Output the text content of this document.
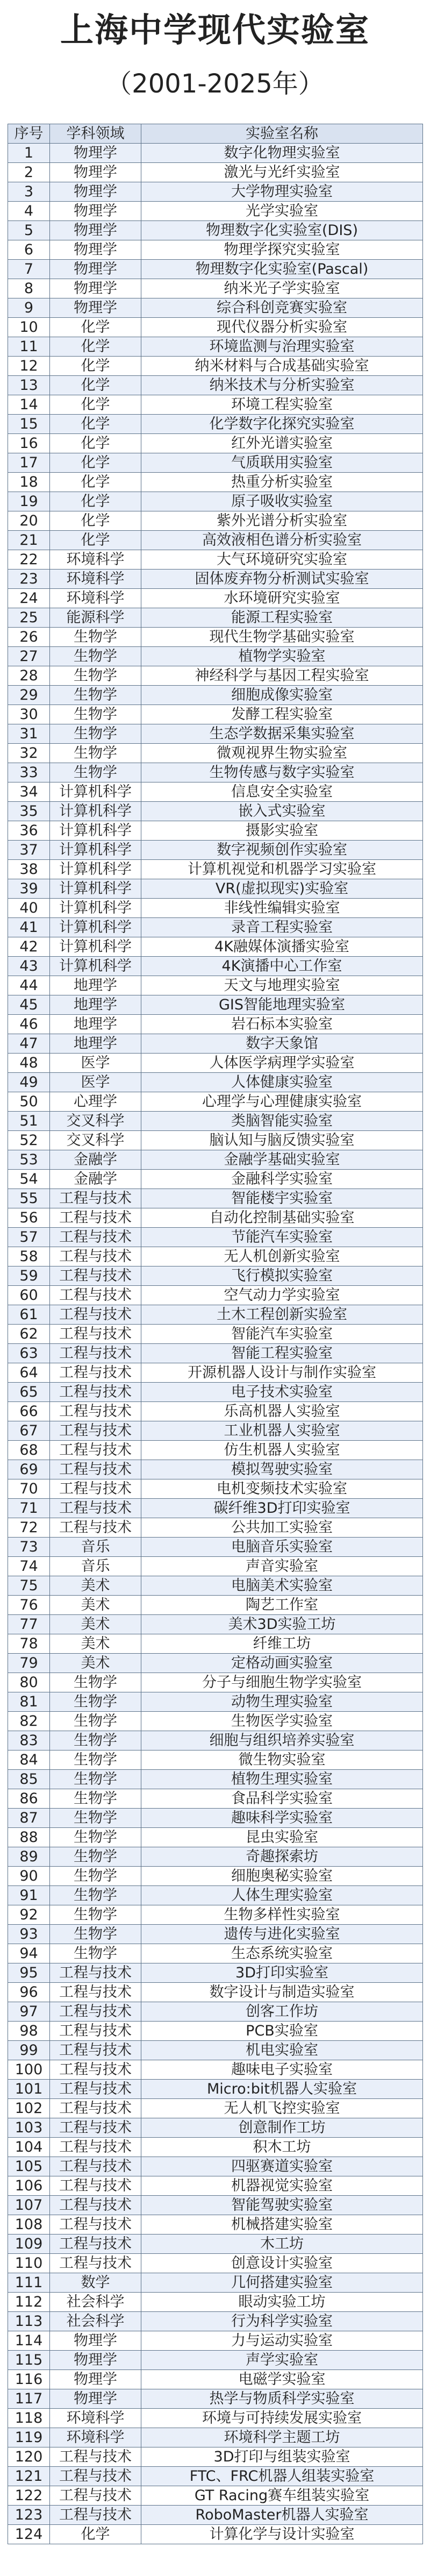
上海中学现代实验室
（2001-2025年）
序号	学科领域	实验室名称
1	物理学	数字化物理实验室
2	物理学	激光与光纤实验室
3	物理学	大学物理实验室
4	物理学	光学实验室
5	物理学	物理数字化实验室(DIS)
6	物理学	物理学探究实验室
7	物理学	物理数字化实验室(Pascal)
8	物理学	纳米光子学实验室
9	物理学	综合科创竞赛实验室
10	化学	现代仪器分析实验室
11	化学	环境监测与治理实验室
12	化学	纳米材料与合成基础实验室
13	化学	纳米技术与分析实验室
14	化学	环境工程实验室
15	化学	化学数字化探究实验室
16	化学	红外光谱实验室
17	化学	气质联用实验室
18	化学	热重分析实验室
19	化学	原子吸收实验室
20	化学	紫外光谱分析实验室
21	化学	高效液相色谱分析实验室
22	环境科学	大气环境研究实验室
23	环境科学	固体废弃物分析测试实验室
24	环境科学	水环境研究实验室
25	能源科学	能源工程实验室
26	生物学	现代生物学基础实验室
27	生物学	植物学实验室
28	生物学	神经科学与基因工程实验室
29	生物学	细胞成像实验室
30	生物学	发酵工程实验室
31	生物学	生态学数据采集实验室
32	生物学	微观视界生物实验室
33	生物学	生物传感与数字实验室
34	计算机科学	信息安全实验室
35	计算机科学	嵌入式实验室
36	计算机科学	摄影实验室
37	计算机科学	数字视频创作实验室
38	计算机科学	计算机视觉和机器学习实验室
39	计算机科学	VR(虚拟现实)实验室
40	计算机科学	非线性编辑实验室
41	计算机科学	录音工程实验室
42	计算机科学	4K融媒体演播实验室
43	计算机科学	4K演播中心工作室
44	地理学	天文与地理实验室
45	地理学	GIS智能地理实验室
46	地理学	岩石标本实验室
47	地理学	数字天象馆
48	医学	人体医学病理学实验室
49	医学	人体健康实验室
50	心理学	心理学与心理健康实验室
51	交叉科学	类脑智能实验室
52	交叉科学	脑认知与脑反馈实验室
53	金融学	金融学基础实验室
54	金融学	金融科学实验室
55	工程与技术	智能楼宇实验室
56	工程与技术	自动化控制基础实验室
57	工程与技术	节能汽车实验室
58	工程与技术	无人机创新实验室
59	工程与技术	飞行模拟实验室
60	工程与技术	空气动力学实验室
61	工程与技术	土木工程创新实验室
62	工程与技术	智能汽车实验室
63	工程与技术	智能工程实验室
64	工程与技术	开源机器人设计与制作实验室
65	工程与技术	电子技术实验室
66	工程与技术	乐高机器人实验室
67	工程与技术	工业机器人实验室
68	工程与技术	仿生机器人实验室
69	工程与技术	模拟驾驶实验室
70	工程与技术	电机变频技术实验室
71	工程与技术	碳纤维3D打印实验室
72	工程与技术	公共加工实验室
73	音乐	电脑音乐实验室
74	音乐	声音实验室
75	美术	电脑美术实验室
76	美术	陶艺工作室
77	美术	美术3D实验工坊
78	美术	纤维工坊
79	美术	定格动画实验室
80	生物学	分子与细胞生物学实验室
81	生物学	动物生理实验室
82	生物学	生物医学实验室
83	生物学	细胞与组织培养实验室
84	生物学	微生物实验室
85	生物学	植物生理实验室
86	生物学	食品科学实验室
87	生物学	趣味科学实验室
88	生物学	昆虫实验室
89	生物学	奇趣探索坊
90	生物学	细胞奥秘实验室
91	生物学	人体生理实验室
92	生物学	生物多样性实验室
93	生物学	遗传与进化实验室
94	生物学	生态系统实验室
95	工程与技术	3D打印实验室
96	工程与技术	数字设计与制造实验室
97	工程与技术	创客工作坊
98	工程与技术	PCB实验室
99	工程与技术	机电实验室
100	工程与技术	趣味电子实验室
101	工程与技术	Micro:bit机器人实验室
102	工程与技术	无人机飞控实验室
103	工程与技术	创意制作工坊
104	工程与技术	积木工坊
105	工程与技术	四驱赛道实验室
106	工程与技术	机器视觉实验室
107	工程与技术	智能驾驶实验室
108	工程与技术	机械搭建实验室
109	工程与技术	木工坊
110	工程与技术	创意设计实验室
111	数学	几何搭建实验室
112	社会科学	眼动实验工坊
113	社会科学	行为科学实验室
114	物理学	力与运动实验室
115	物理学	声学实验室
116	物理学	电磁学实验室
117	物理学	热学与物质科学实验室
118	环境科学	环境与可持续发展实验室
119	环境科学	环境科学主题工坊
120	工程与技术	3D打印与组装实验室
121	工程与技术	FTC、FRC机器人组装实验室
122	工程与技术	GT Racing赛车组装实验室
123	工程与技术	RoboMaster机器人实验室
124	化学	计算化学与设计实验室
